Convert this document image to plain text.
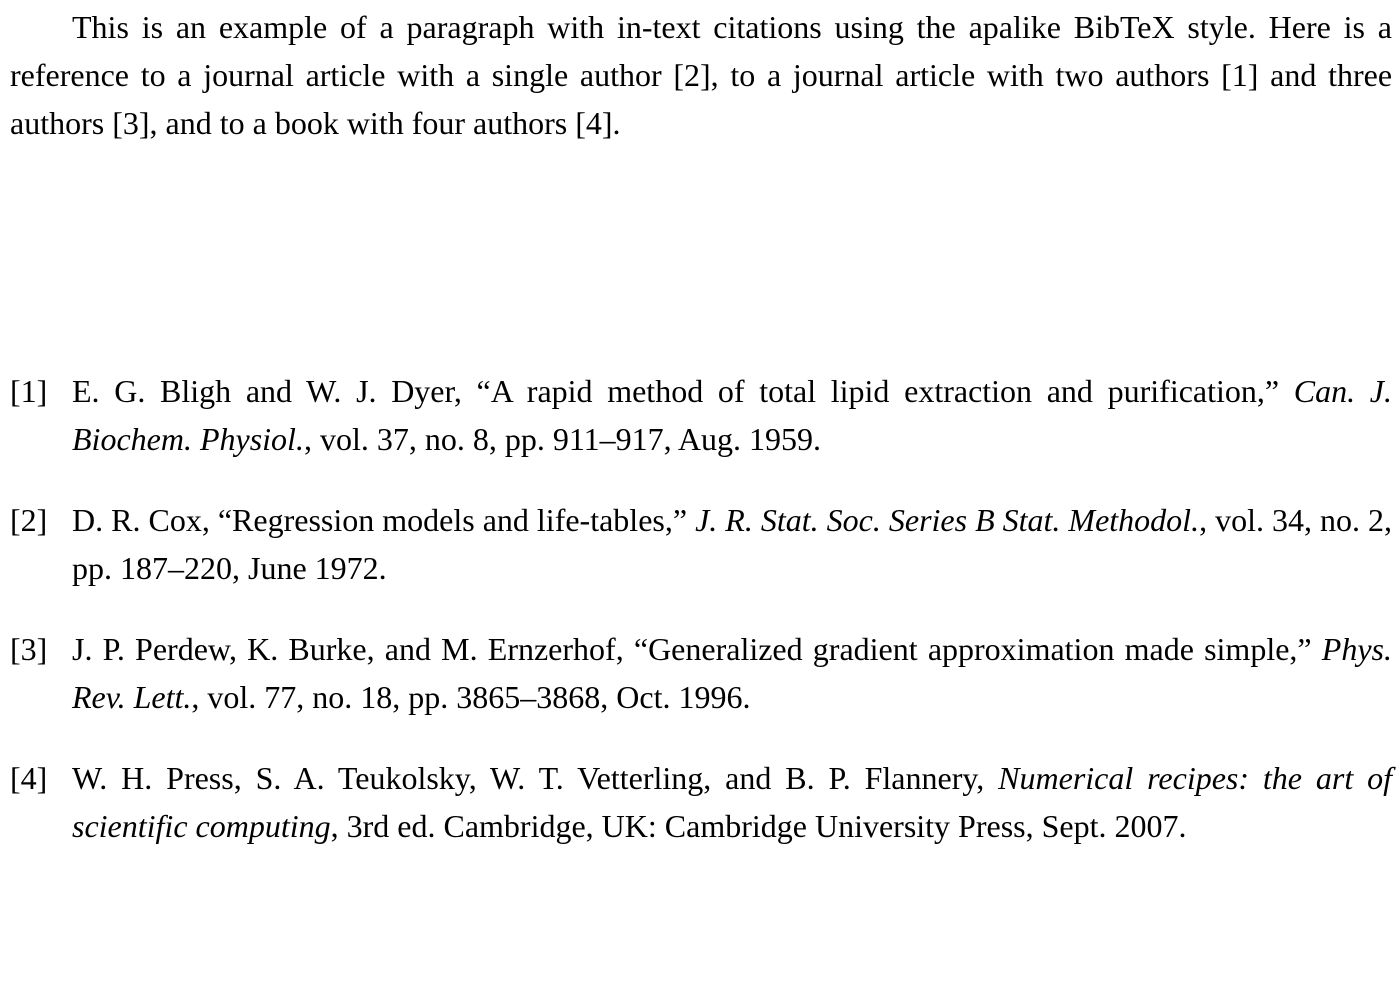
This is an example of a paragraph with in-text citations using the apalike BibTeX style. Here is a reference to a journal article with a single author [2], to a journal article with two authors [1] and three authors [3], and to a book with four authors [4].

[1] E. G. Bligh and W. J. Dyer, “A rapid method of total lipid extraction and purification,” Can. J. Biochem. Physiol., vol. 37, no. 8, pp. 911–917, Aug. 1959.
[2] D. R. Cox, “Regression models and life-tables,” J. R. Stat. Soc. Series B Stat. Methodol., vol. 34, no. 2, pp. 187–220, June 1972.
[3] J. P. Perdew, K. Burke, and M. Ernzerhof, “Generalized gradient approximation made simple,” Phys. Rev. Lett., vol. 77, no. 18, pp. 3865–3868, Oct. 1996.
[4] W. H. Press, S. A. Teukolsky, W. T. Vetterling, and B. P. Flannery, Numerical recipes: the art of scientific computing, 3rd ed. Cambridge, UK: Cambridge University Press, Sept. 2007.
